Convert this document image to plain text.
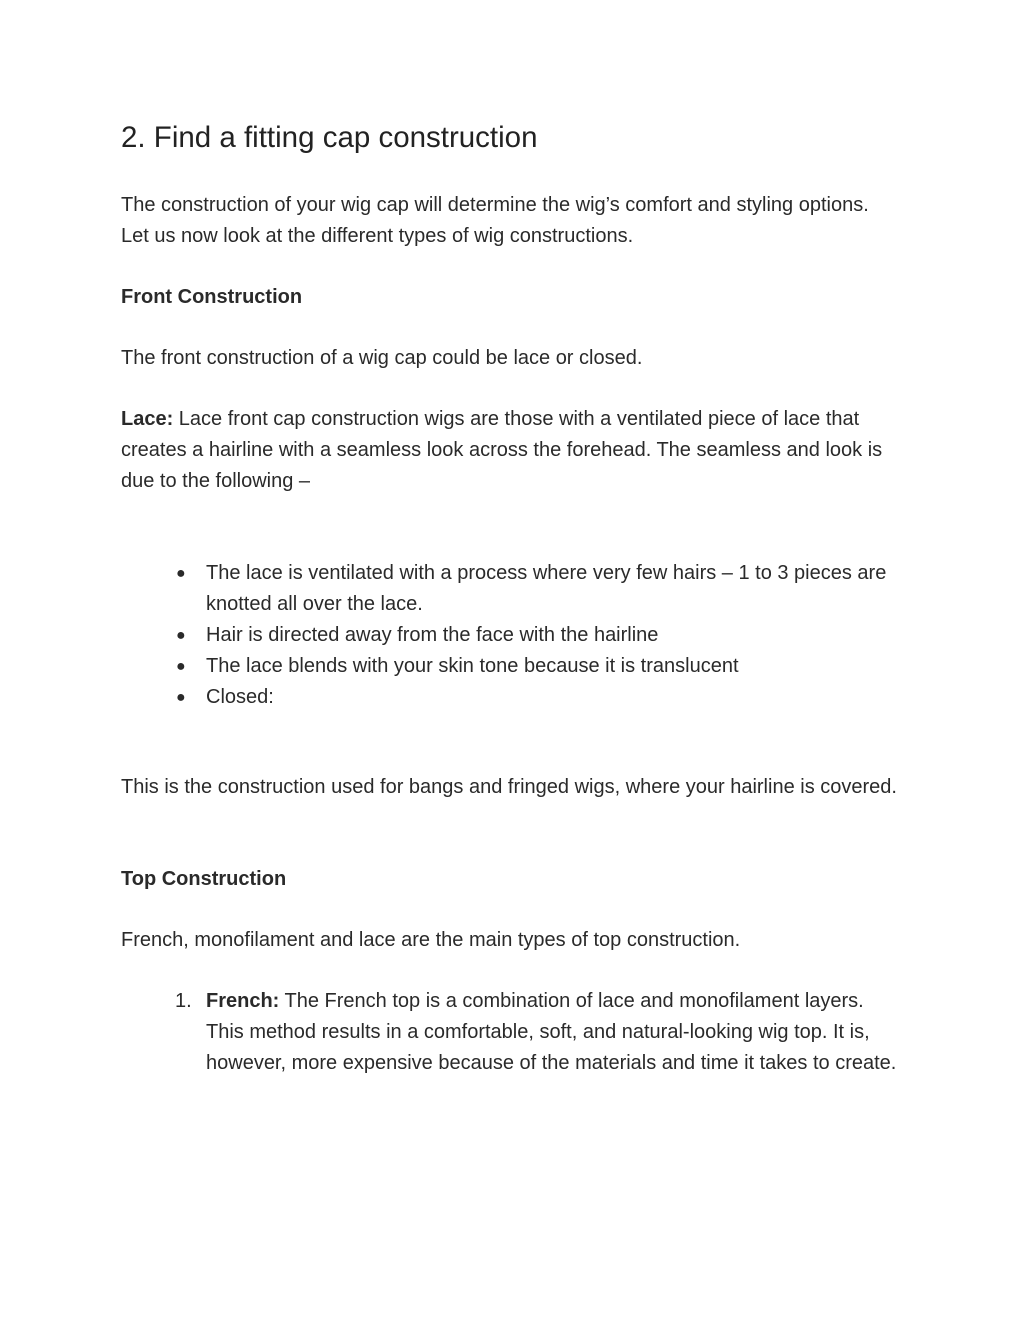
2. Find a fitting cap construction

The construction of your wig cap will determine the wig’s comfort and styling options. Let us now look at the different types of wig constructions.

Front Construction

The front construction of a wig cap could be lace or closed.

Lace: Lace front cap construction wigs are those with a ventilated piece of lace that creates a hairline with a seamless look across the forehead. The seamless and look is due to the following –

●	The lace is ventilated with a process where very few hairs – 1 to 3 pieces are knotted all over the lace.
●	Hair is directed away from the face with the hairline
●	The lace blends with your skin tone because it is translucent
●	Closed:

This is the construction used for bangs and fringed wigs, where your hairline is covered.

Top Construction

French, monofilament and lace are the main types of top construction.

1. French: The French top is a combination of lace and monofilament layers. This method results in a comfortable, soft, and natural-looking wig top. It is, however, more expensive because of the materials and time it takes to create.
